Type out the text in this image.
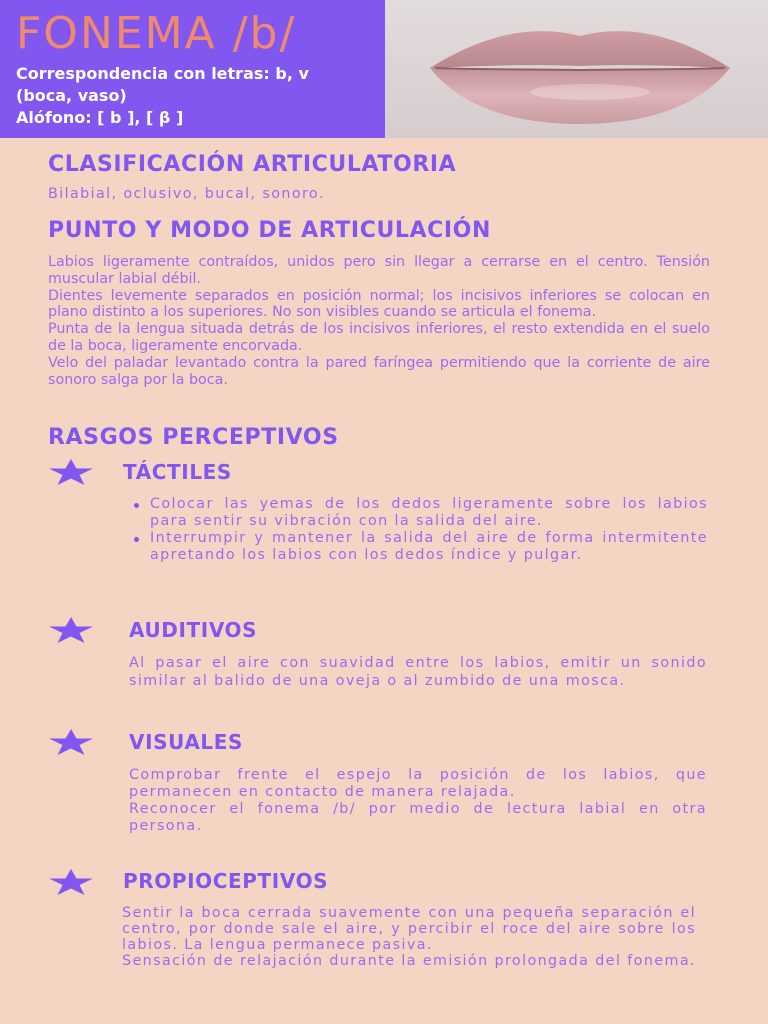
FONEMA /b/
Correspondencia con letras: b, v
(boca, vaso)
Alófono: [ b ], [ β ]
CLASIFICACIÓN ARTICULATORIA
Bilabial, oclusivo, bucal, sonoro.
PUNTO Y MODO DE ARTICULACIÓN

Labios ligeramente contraídos, unidos pero sin llegar a cerrarse en el centro. Tensión muscular labial débil.

Dientes levemente separados en posición normal; los incisivos inferiores se colocan en plano distinto a los superiores. No son visibles cuando se articula el fonema.

Punta de la lengua situada detrás de los incisivos inferiores, el resto extendida en el suelo de la boca, ligeramente encorvada.

Velo del paladar levantado contra la pared faríngea permitiendo que la corriente de aire sonoro salga por la boca.

RASGOS PERCEPTIVOS
TÁCTILES
Colocar las yemas de los dedos ligeramente sobre los labios para sentir su vibración con la salida del aire.
Interrumpir y mantener la salida del aire de forma intermitente apretando los labios con los dedos índice y pulgar.
AUDITIVOS
Al pasar el aire con suavidad entre los labios, emitir un sonido similar al balido de una oveja o al zumbido de una mosca.
VISUALES

Comprobar frente el espejo la posición de los labios, que permanecen en contacto de manera relajada.

Reconocer el fonema /b/ por medio de lectura labial en otra persona.

PROPIOCEPTIVOS

Sentir la boca cerrada suavemente con una pequeña separación el centro, por donde sale el aire, y percibir el roce del aire sobre los labios. La lengua permanece pasiva.

Sensación de relajación durante la emisión prolongada del fonema.
